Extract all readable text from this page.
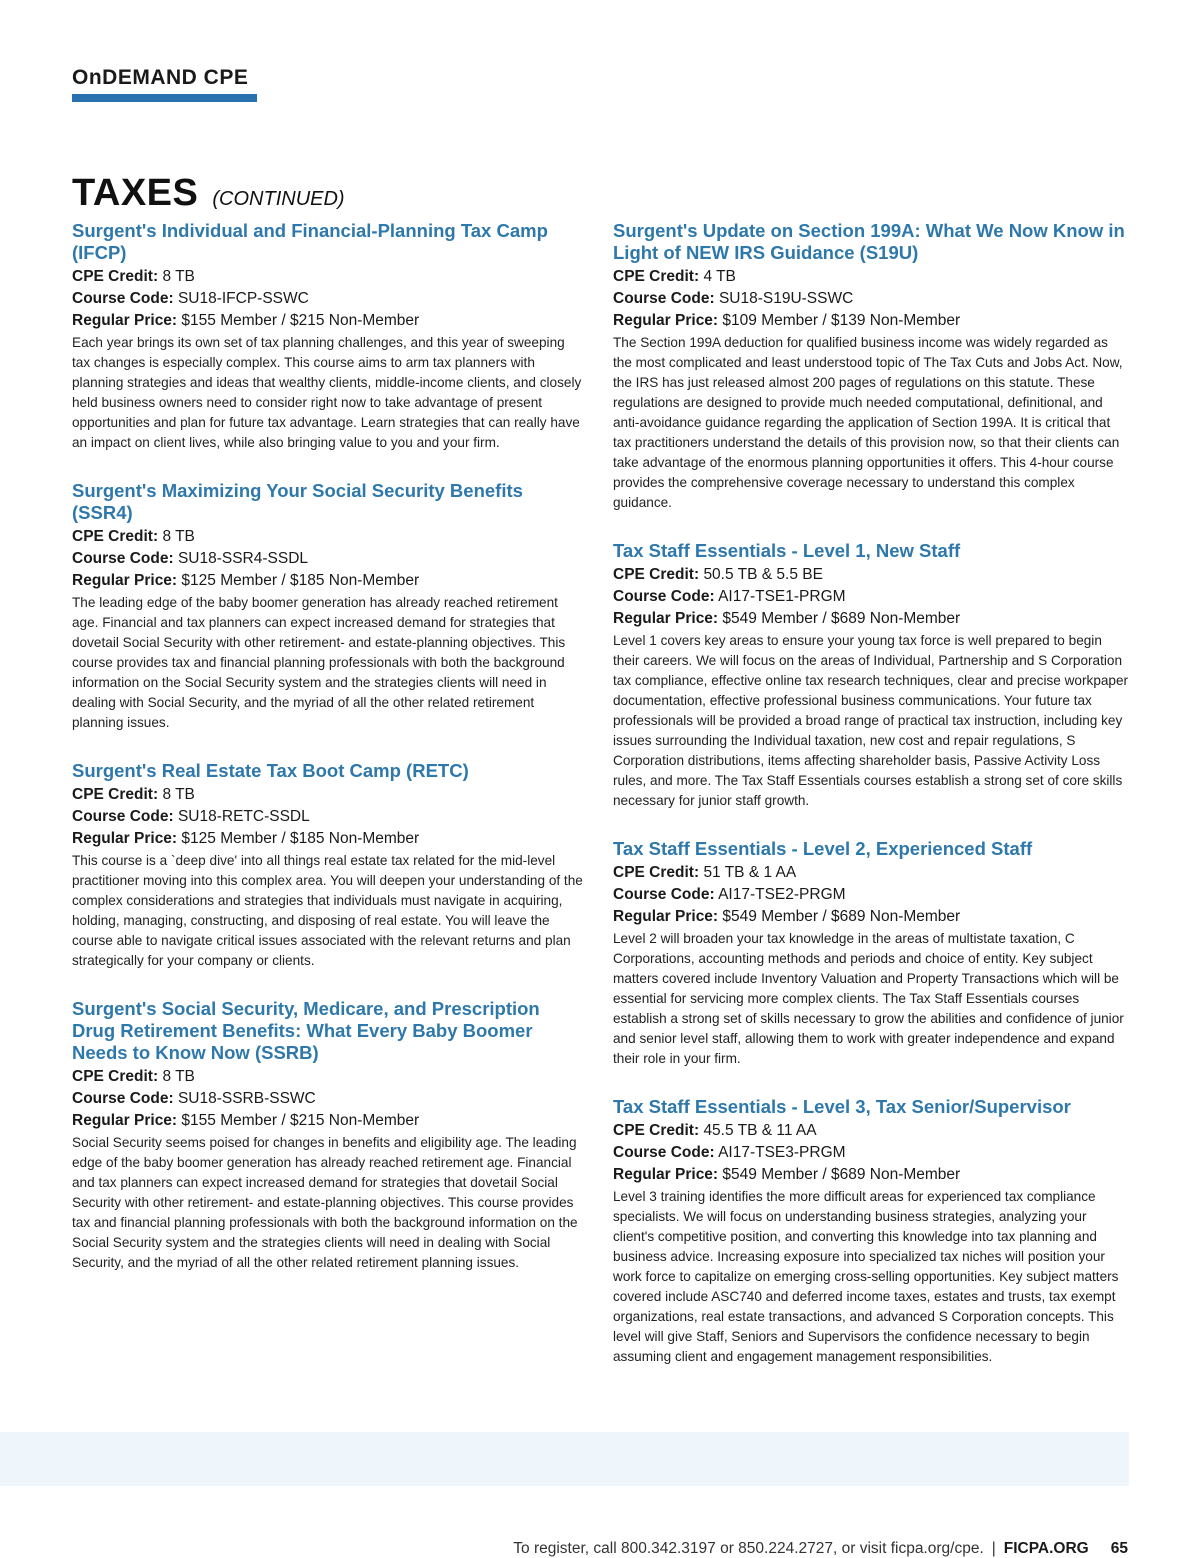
OnDEMAND CPE
TAXES (CONTINUED)
Surgent's Individual and Financial-Planning Tax Camp (IFCP)
CPE Credit: 8 TB
Course Code: SU18-IFCP-SSWC
Regular Price: $155 Member / $215 Non-Member
Each year brings its own set of tax planning challenges, and this year of sweeping tax changes is especially complex. This course aims to arm tax planners with planning strategies and ideas that wealthy clients, middle-income clients, and closely held business owners need to consider right now to take advantage of present opportunities and plan for future tax advantage. Learn strategies that can really have an impact on client lives, while also bringing value to you and your firm.
Surgent's Maximizing Your Social Security Benefits (SSR4)
CPE Credit: 8 TB
Course Code: SU18-SSR4-SSDL
Regular Price: $125 Member / $185 Non-Member
The leading edge of the baby boomer generation has already reached retirement age. Financial and tax planners can expect increased demand for strategies that dovetail Social Security with other retirement- and estate-planning objectives. This course provides tax and financial planning professionals with both the background information on the Social Security system and the strategies clients will need in dealing with Social Security, and the myriad of all the other related retirement planning issues.
Surgent's Real Estate Tax Boot Camp (RETC)
CPE Credit: 8 TB
Course Code: SU18-RETC-SSDL
Regular Price: $125 Member / $185 Non-Member
This course is a `deep dive' into all things real estate tax related for the mid-level practitioner moving into this complex area. You will deepen your understanding of the complex considerations and strategies that individuals must navigate in acquiring, holding, managing, constructing, and disposing of real estate. You will leave the course able to navigate critical issues associated with the relevant returns and plan strategically for your company or clients.
Surgent's Social Security, Medicare, and Prescription Drug Retirement Benefits: What Every Baby Boomer Needs to Know Now (SSRB)
CPE Credit: 8 TB
Course Code: SU18-SSRB-SSWC
Regular Price: $155 Member / $215 Non-Member
Social Security seems poised for changes in benefits and eligibility age. The leading edge of the baby boomer generation has already reached retirement age. Financial and tax planners can expect increased demand for strategies that dovetail Social Security with other retirement- and estate-planning objectives. This course provides tax and financial planning professionals with both the background information on the Social Security system and the strategies clients will need in dealing with Social Security, and the myriad of all the other related retirement planning issues.
Surgent's Update on Section 199A: What We Now Know in Light of NEW IRS Guidance (S19U)
CPE Credit: 4 TB
Course Code: SU18-S19U-SSWC
Regular Price: $109 Member / $139 Non-Member
The Section 199A deduction for qualified business income was widely regarded as the most complicated and least understood topic of The Tax Cuts and Jobs Act. Now, the IRS has just released almost 200 pages of regulations on this statute. These regulations are designed to provide much needed computational, definitional, and anti-avoidance guidance regarding the application of Section 199A. It is critical that tax practitioners understand the details of this provision now, so that their clients can take advantage of the enormous planning opportunities it offers. This 4-hour course provides the comprehensive coverage necessary to understand this complex guidance.
Tax Staff Essentials - Level 1, New Staff
CPE Credit: 50.5 TB & 5.5 BE
Course Code: AI17-TSE1-PRGM
Regular Price: $549 Member / $689 Non-Member
Level 1 covers key areas to ensure your young tax force is well prepared to begin their careers. We will focus on the areas of Individual, Partnership and S Corporation tax compliance, effective online tax research techniques, clear and precise workpaper documentation, effective professional business communications. Your future tax professionals will be provided a broad range of practical tax instruction, including key issues surrounding the Individual taxation, new cost and repair regulations, S Corporation distributions, items affecting shareholder basis, Passive Activity Loss rules, and more. The Tax Staff Essentials courses establish a strong set of core skills necessary for junior staff growth.
Tax Staff Essentials - Level 2, Experienced Staff
CPE Credit: 51 TB & 1 AA
Course Code: AI17-TSE2-PRGM
Regular Price: $549 Member / $689 Non-Member
Level 2 will broaden your tax knowledge in the areas of multistate taxation, C Corporations, accounting methods and periods and choice of entity. Key subject matters covered include Inventory Valuation and Property Transactions which will be essential for servicing more complex clients. The Tax Staff Essentials courses establish a strong set of skills necessary to grow the abilities and confidence of junior and senior level staff, allowing them to work with greater independence and expand their role in your firm.
Tax Staff Essentials - Level 3, Tax Senior/Supervisor
CPE Credit: 45.5 TB & 11 AA
Course Code: AI17-TSE3-PRGM
Regular Price: $549 Member / $689 Non-Member
Level 3 training identifies the more difficult areas for experienced tax compliance specialists. We will focus on understanding business strategies, analyzing your client's competitive position, and converting this knowledge into tax planning and business advice. Increasing exposure into specialized tax niches will position your work force to capitalize on emerging cross-selling opportunities. Key subject matters covered include ASC740 and deferred income taxes, estates and trusts, tax exempt organizations, real estate transactions, and advanced S Corporation concepts. This level will give Staff, Seniors and Supervisors the confidence necessary to begin assuming client and engagement management responsibilities.
To register, call 800.342.3197 or 850.224.2727, or visit ficpa.org/cpe. | FICPA.ORG 65
